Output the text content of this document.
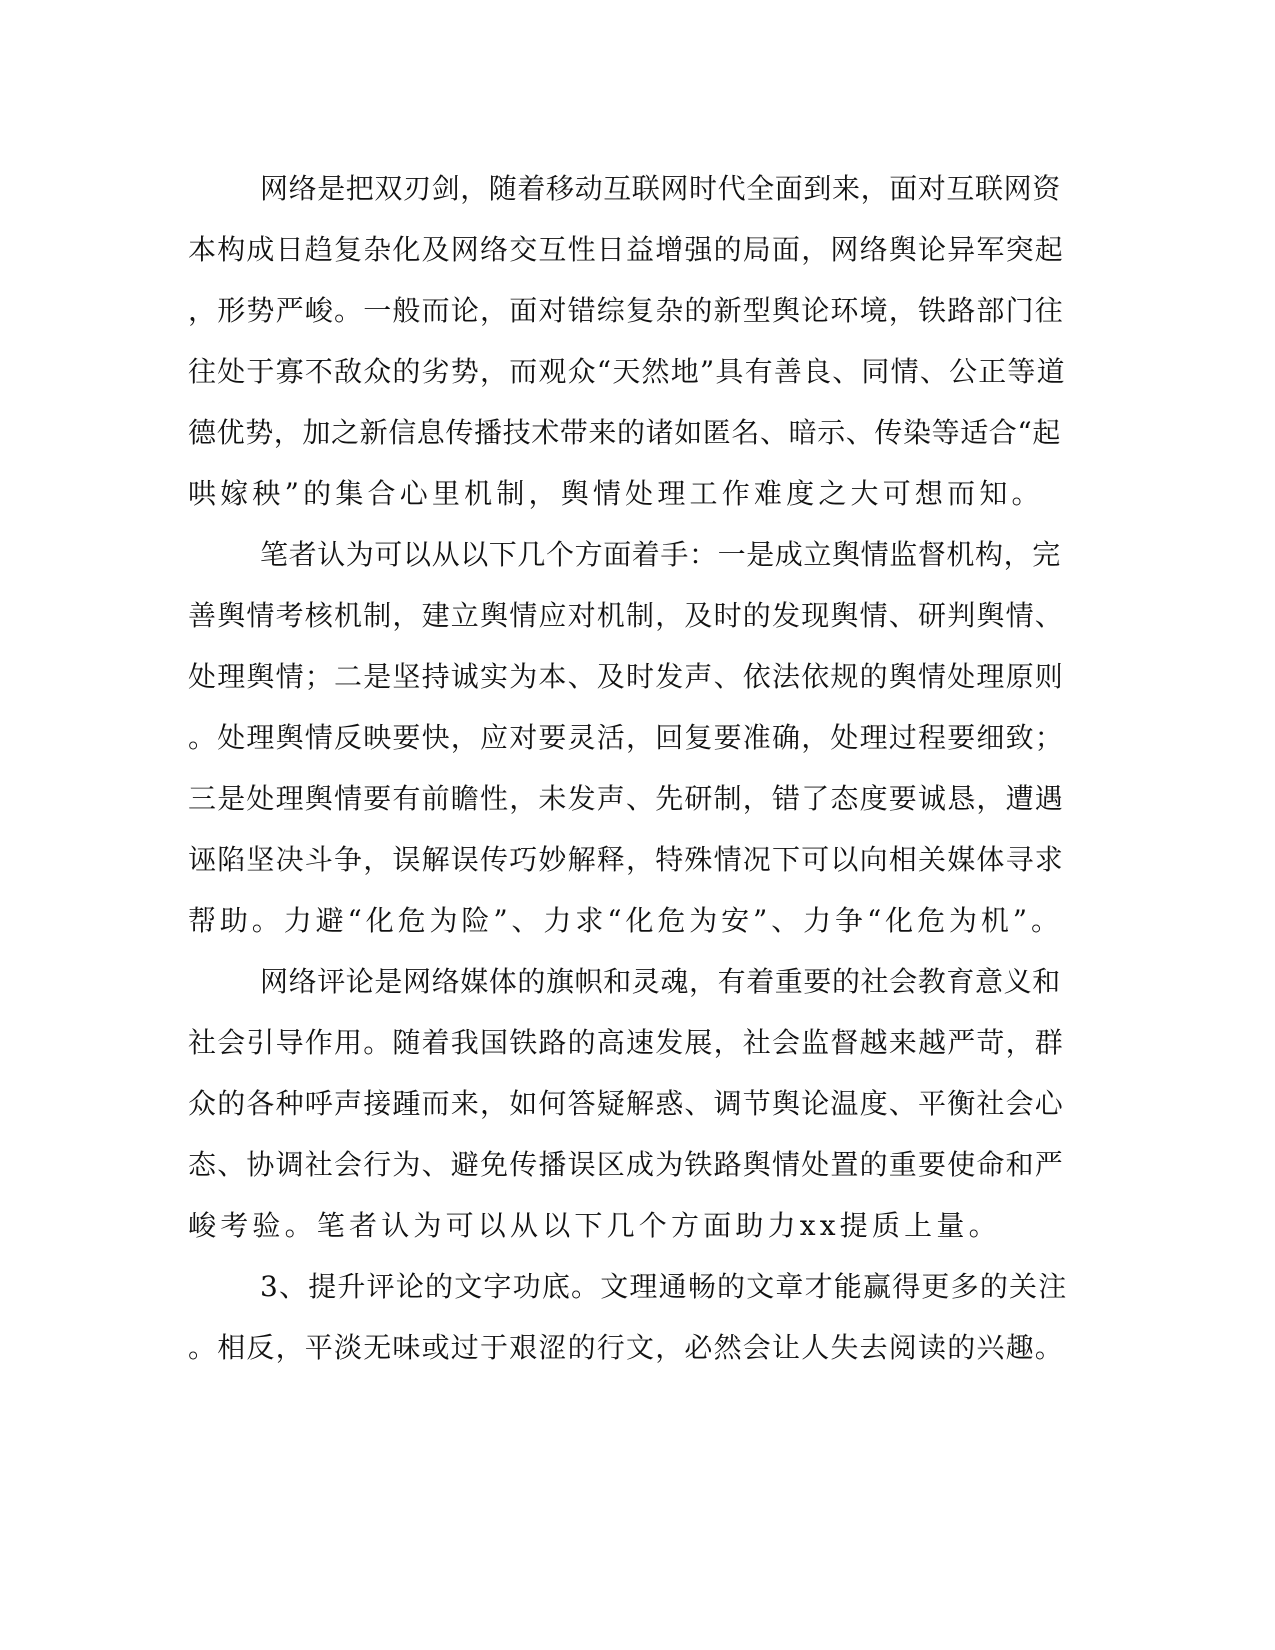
网络是把双刃剑，随着移动互联网时代全面到来，面对互联网资
本构成日趋复杂化及网络交互性日益增强的局面，网络舆论异军突起
，形势严峻。一般而论，面对错综复杂的新型舆论环境，铁路部门往
往处于寡不敌众的劣势，而观众“天然地”具有善良、同情、公正等道
德优势，加之新信息传播技术带来的诸如匿名、暗示、传染等适合“起
哄嫁秧”的集合心里机制，舆情处理工作难度之大可想而知。
笔者认为可以从以下几个方面着手：一是成立舆情监督机构，完
善舆情考核机制，建立舆情应对机制，及时的发现舆情、研判舆情、
处理舆情；二是坚持诚实为本、及时发声、依法依规的舆情处理原则
。处理舆情反映要快，应对要灵活，回复要准确，处理过程要细致；
三是处理舆情要有前瞻性，未发声、先研制，错了态度要诚恳，遭遇
诬陷坚决斗争，误解误传巧妙解释，特殊情况下可以向相关媒体寻求
帮助。力避“化危为险”、力求“化危为安”、力争“化危为机”。
网络评论是网络媒体的旗帜和灵魂，有着重要的社会教育意义和
社会引导作用。随着我国铁路的高速发展，社会监督越来越严苛，群
众的各种呼声接踵而来，如何答疑解惑、调节舆论温度、平衡社会心
态、协调社会行为、避免传播误区成为铁路舆情处置的重要使命和严
峻考验。笔者认为可以从以下几个方面助力xx提质上量。
3、提升评论的文字功底。文理通畅的文章才能赢得更多的关注
。相反，平淡无味或过于艰涩的行文，必然会让人失去阅读的兴趣。
